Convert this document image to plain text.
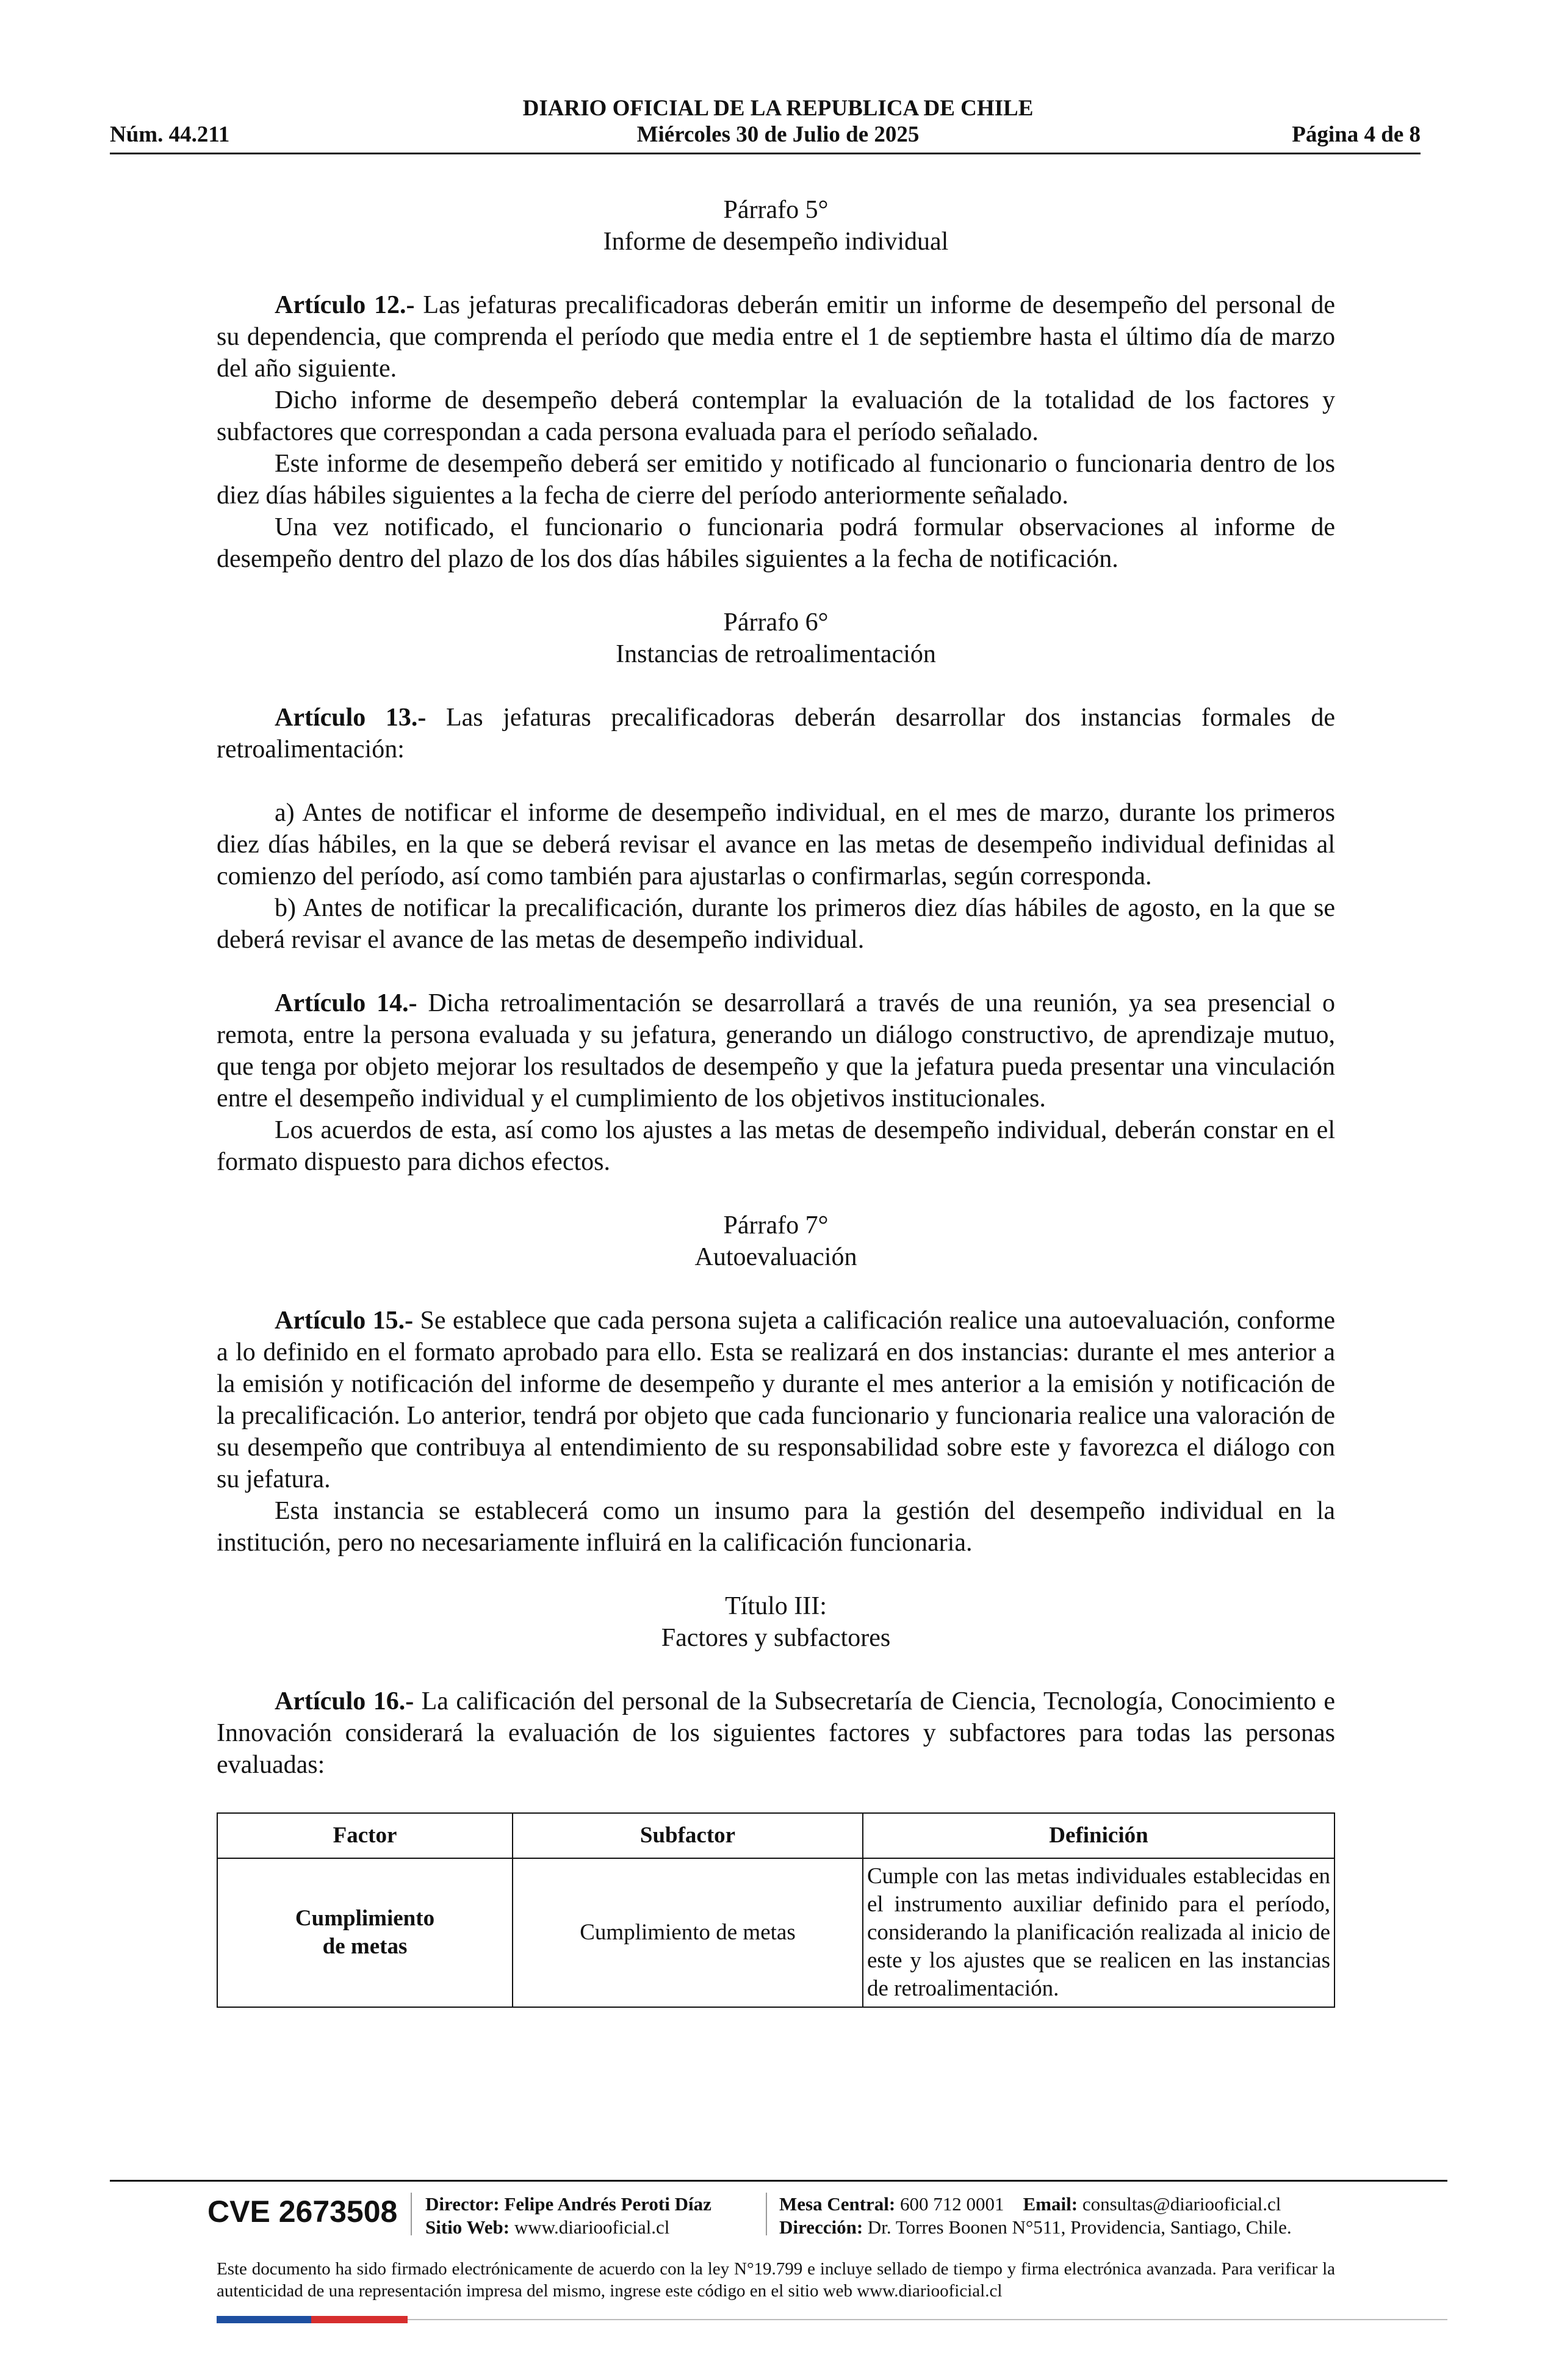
DIARIO OFICIAL DE LA REPUBLICA DE CHILE
Núm. 44.211	Miércoles 30 de Julio de 2025	Página 4 de 8

Párrafo 5°

Informe de desempeño individual

Artículo 12.- Las jefaturas precalificadoras deberán emitir un informe de desempeño del personal de su dependencia, que comprenda el período que media entre el 1 de septiembre hasta el último día de marzo del año siguiente.

Dicho informe de desempeño deberá contemplar la evaluación de la totalidad de los factores y subfactores que correspondan a cada persona evaluada para el período señalado.

Este informe de desempeño deberá ser emitido y notificado al funcionario o funcionaria dentro de los diez días hábiles siguientes a la fecha de cierre del período anteriormente señalado.

Una vez notificado, el funcionario o funcionaria podrá formular observaciones al informe de desempeño dentro del plazo de los dos días hábiles siguientes a la fecha de notificación.

Párrafo 6°

Instancias de retroalimentación

Artículo 13.- Las jefaturas precalificadoras deberán desarrollar dos instancias formales de retroalimentación:

a) Antes de notificar el informe de desempeño individual, en el mes de marzo, durante los primeros diez días hábiles, en la que se deberá revisar el avance en las metas de desempeño individual definidas al comienzo del período, así como también para ajustarlas o confirmarlas, según corresponda.

b) Antes de notificar la precalificación, durante los primeros diez días hábiles de agosto, en la que se deberá revisar el avance de las metas de desempeño individual.

Artículo 14.- Dicha retroalimentación se desarrollará a través de una reunión, ya sea presencial o remota, entre la persona evaluada y su jefatura, generando un diálogo constructivo, de aprendizaje mutuo, que tenga por objeto mejorar los resultados de desempeño y que la jefatura pueda presentar una vinculación entre el desempeño individual y el cumplimiento de los objetivos institucionales.

Los acuerdos de esta, así como los ajustes a las metas de desempeño individual, deberán constar en el formato dispuesto para dichos efectos.

Párrafo 7°

Autoevaluación

Artículo 15.- Se establece que cada persona sujeta a calificación realice una autoevaluación, conforme a lo definido en el formato aprobado para ello. Esta se realizará en dos instancias: durante el mes anterior a la emisión y notificación del informe de desempeño y durante el mes anterior a la emisión y notificación de la precalificación. Lo anterior, tendrá por objeto que cada funcionario y funcionaria realice una valoración de su desempeño que contribuya al entendimiento de su responsabilidad sobre este y favorezca el diálogo con su jefatura.

Esta instancia se establecerá como un insumo para la gestión del desempeño individual en la institución, pero no necesariamente influirá en la calificación funcionaria.

Título III:

Factores y subfactores

Artículo 16.- La calificación del personal de la Subsecretaría de Ciencia, Tecnología, Conocimiento e Innovación considerará la evaluación de los siguientes factores y subfactores para todas las personas evaluadas:

Factor	Subfactor	Definición

Cumplimiento
de metas	Cumplimiento de metas	Cumple con las metas individuales establecidas en el instrumento auxiliar definido para el período, considerando la planificación realizada al inicio de este y los ajustes que se realicen en las instancias de retroalimentación.
CVE 2673508 Director: Felipe Andrés Peroti Díaz
Sitio Web: www.diariooficial.cl
Mesa Central: 600 712 0001 Email: consultas@diariooficial.cl
Dirección: Dr. Torres Boonen N°511, Providencia, Santiago, Chile.
Este documento ha sido firmado electrónicamente de acuerdo con la ley N°19.799 e incluye sellado de tiempo y firma electrónica avanzada. Para verificar la autenticidad de una representación impresa del mismo, ingrese este código en el sitio web www.diariooficial.cl
